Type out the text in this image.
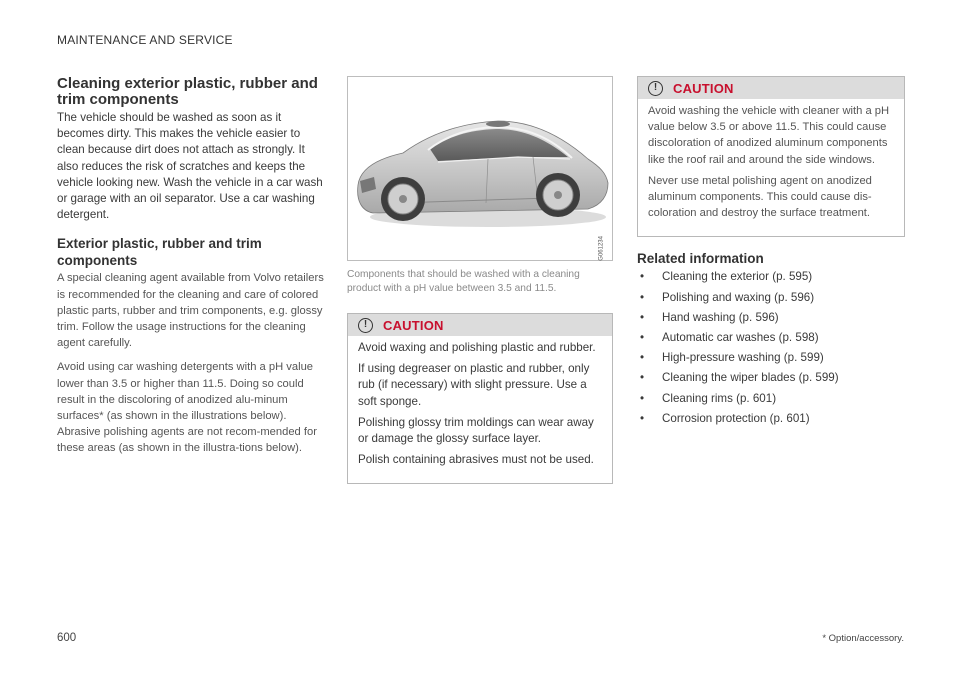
MAINTENANCE AND SERVICE
Cleaning exterior plastic, rubber and trim components

The vehicle should be washed as soon as it becomes dirty. This makes the vehicle easier to clean because dirt does not attach as strongly. It also reduces the risk of scratches and keeps the vehicle looking new. Wash the vehicle in a car wash or garage with an oil separator. Use a car washing detergent.

Exterior plastic, rubber and trim components

A special cleaning agent available from Volvo retailers is recommended for the cleaning and care of colored plastic parts, rubber and trim components, e.g. glossy trim. Follow the usage instructions for the cleaning agent carefully.

Avoid using car washing detergents with a pH value lower than 3.5 or higher than 11.5. Doing so could result in the discoloring of anodized alu-minum surfaces* (as shown in the illustrations below). Abrasive polishing agents are not recom-mended for these areas (as shown in the illustra-tions below).

G061234

Components that should be washed with a cleaning product with a pH value between 3.5 and 11.5.

!	CAUTION

Avoid waxing and polishing plastic and rubber.

If using degreaser on plastic and rubber, only rub (if necessary) with slight pressure. Use a soft sponge.

Polishing glossy trim moldings can wear away or damage the glossy surface layer.

Polish containing abrasives must not be used.

!	CAUTION

Avoid washing the vehicle with cleaner with a pH value below 3.5 or above 11.5. This could cause discoloration of anodized aluminum components like the roof rail and around the side windows.

Never use metal polishing agent on anodized aluminum components. This could cause dis-coloration and destroy the surface treatment.

Related information
•	Cleaning the exterior (p. 595)
•	Polishing and waxing (p. 596)
•	Hand washing (p. 596)
•	Automatic car washes (p. 598)
•	High-pressure washing (p. 599)
•	Cleaning the wiper blades (p. 599)
•	Cleaning rims (p. 601)
•	Corrosion protection (p. 601)
600	* Option/accessory.
